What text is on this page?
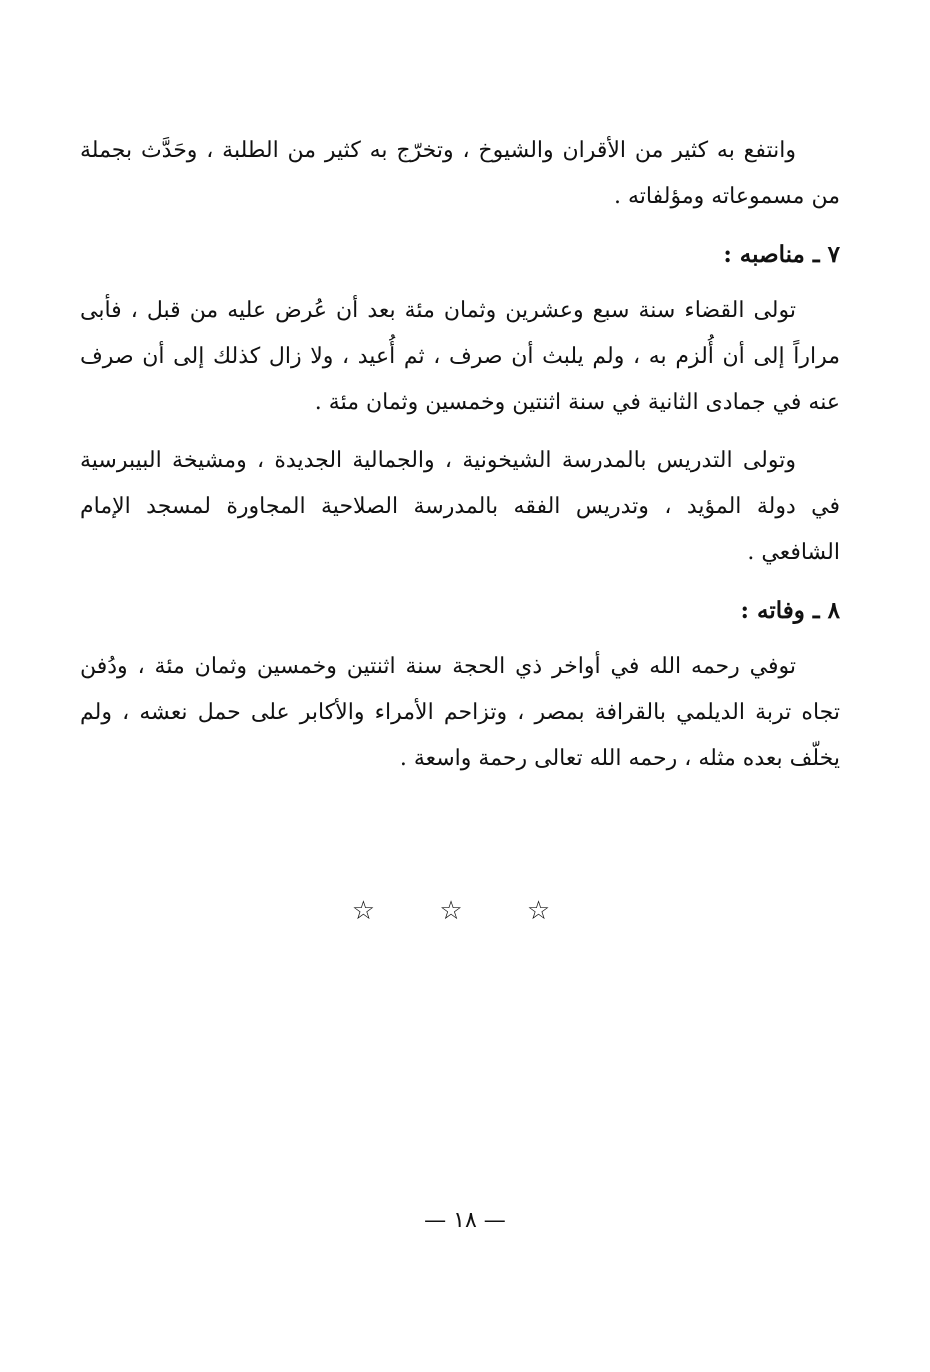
وانتفع به كثير من الأقران والشيوخ ، وتخرّج به كثير من الطلبة ، وحَدَّث بجملة من مسموعاته ومؤلفاته .

٧ ـ مناصبه :

تولى القضاء سنة سبع وعشرين وثمان مئة بعد أن عُرض عليه من قبل ، فأبى مراراً إلى أن أُلزم به ، ولم يلبث أن صرف ، ثم أُعيد ، ولا زال كذلك إلى أن صرف عنه في جمادى الثانية في سنة اثنتين وخمسين وثمان مئة .

وتولى التدريس بالمدرسة الشيخونية ، والجمالية الجديدة ، ومشيخة البيبرسية في دولة المؤيد ، وتدريس الفقه بالمدرسة الصلاحية المجاورة لمسجد الإمام الشافعي .

٨ ـ وفاته :

توفي رحمه الله في أواخر ذي الحجة سنة اثنتين وخمسين وثمان مئة ، ودُفن تجاه تربة الديلمي بالقرافة بمصر ، وتزاحم الأمراء والأكابر على حمل نعشه ، ولم يخلّف بعده مثله ، رحمه الله تعالى رحمة واسعة .

☆ ☆ ☆
— ١٨ —
